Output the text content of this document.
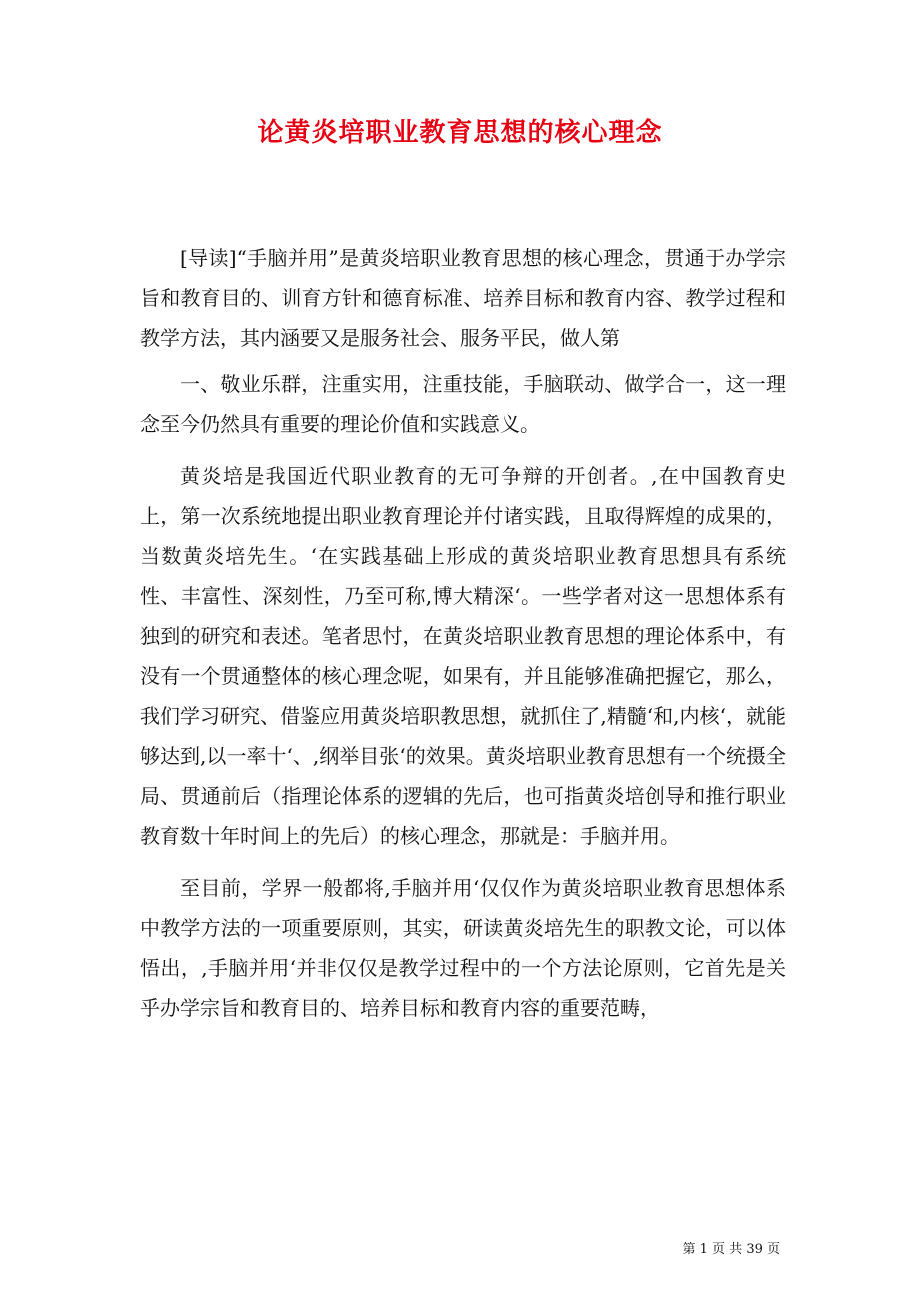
论黄炎培职业教育思想的核心理念

[导读]“手脑并用”是黄炎培职业教育思想的核心理念，贯通于办学宗旨和教育目的、训育方针和德育标准、培养目标和教育内容、教学过程和教学方法，其内涵要又是服务社会、服务平民，做人第

一、敬业乐群，注重实用，注重技能，手脑联动、做学合一，这一理念至今仍然具有重要的理论价值和实践意义。

黄炎培是我国近代职业教育的无可争辩的开创者。,在中国教育史上，第一次系统地提出职业教育理论并付诸实践，且取得辉煌的成果的，当数黄炎培先生。‘在实践基础上形成的黄炎培职业教育思想具有系统性、丰富性、深刻性，乃至可称,博大精深‘。一些学者对这一思想体系有独到的研究和表述。笔者思忖，在黄炎培职业教育思想的理论体系中，有没有一个贯通整体的核心理念呢，如果有，并且能够准确把握它，那么，我们学习研究、借鉴应用黄炎培职教思想，就抓住了,精髓‘和,内核‘，就能够达到,以一率十‘、,纲举目张‘的效果。黄炎培职业教育思想有一个统摄全局、贯通前后（指理论体系的逻辑的先后，也可指黄炎培创导和推行职业教育数十年时间上的先后）的核心理念，那就是：手脑并用。

至目前，学界一般都将,手脑并用‘仅仅作为黄炎培职业教育思想体系中教学方法的一项重要原则，其实，研读黄炎培先生的职教文论，可以体悟出，,手脑并用‘并非仅仅是教学过程中的一个方法论原则，它首先是关乎办学宗旨和教育目的、培养目标和教育内容的重要范畴，

第 1 页 共 39 页
